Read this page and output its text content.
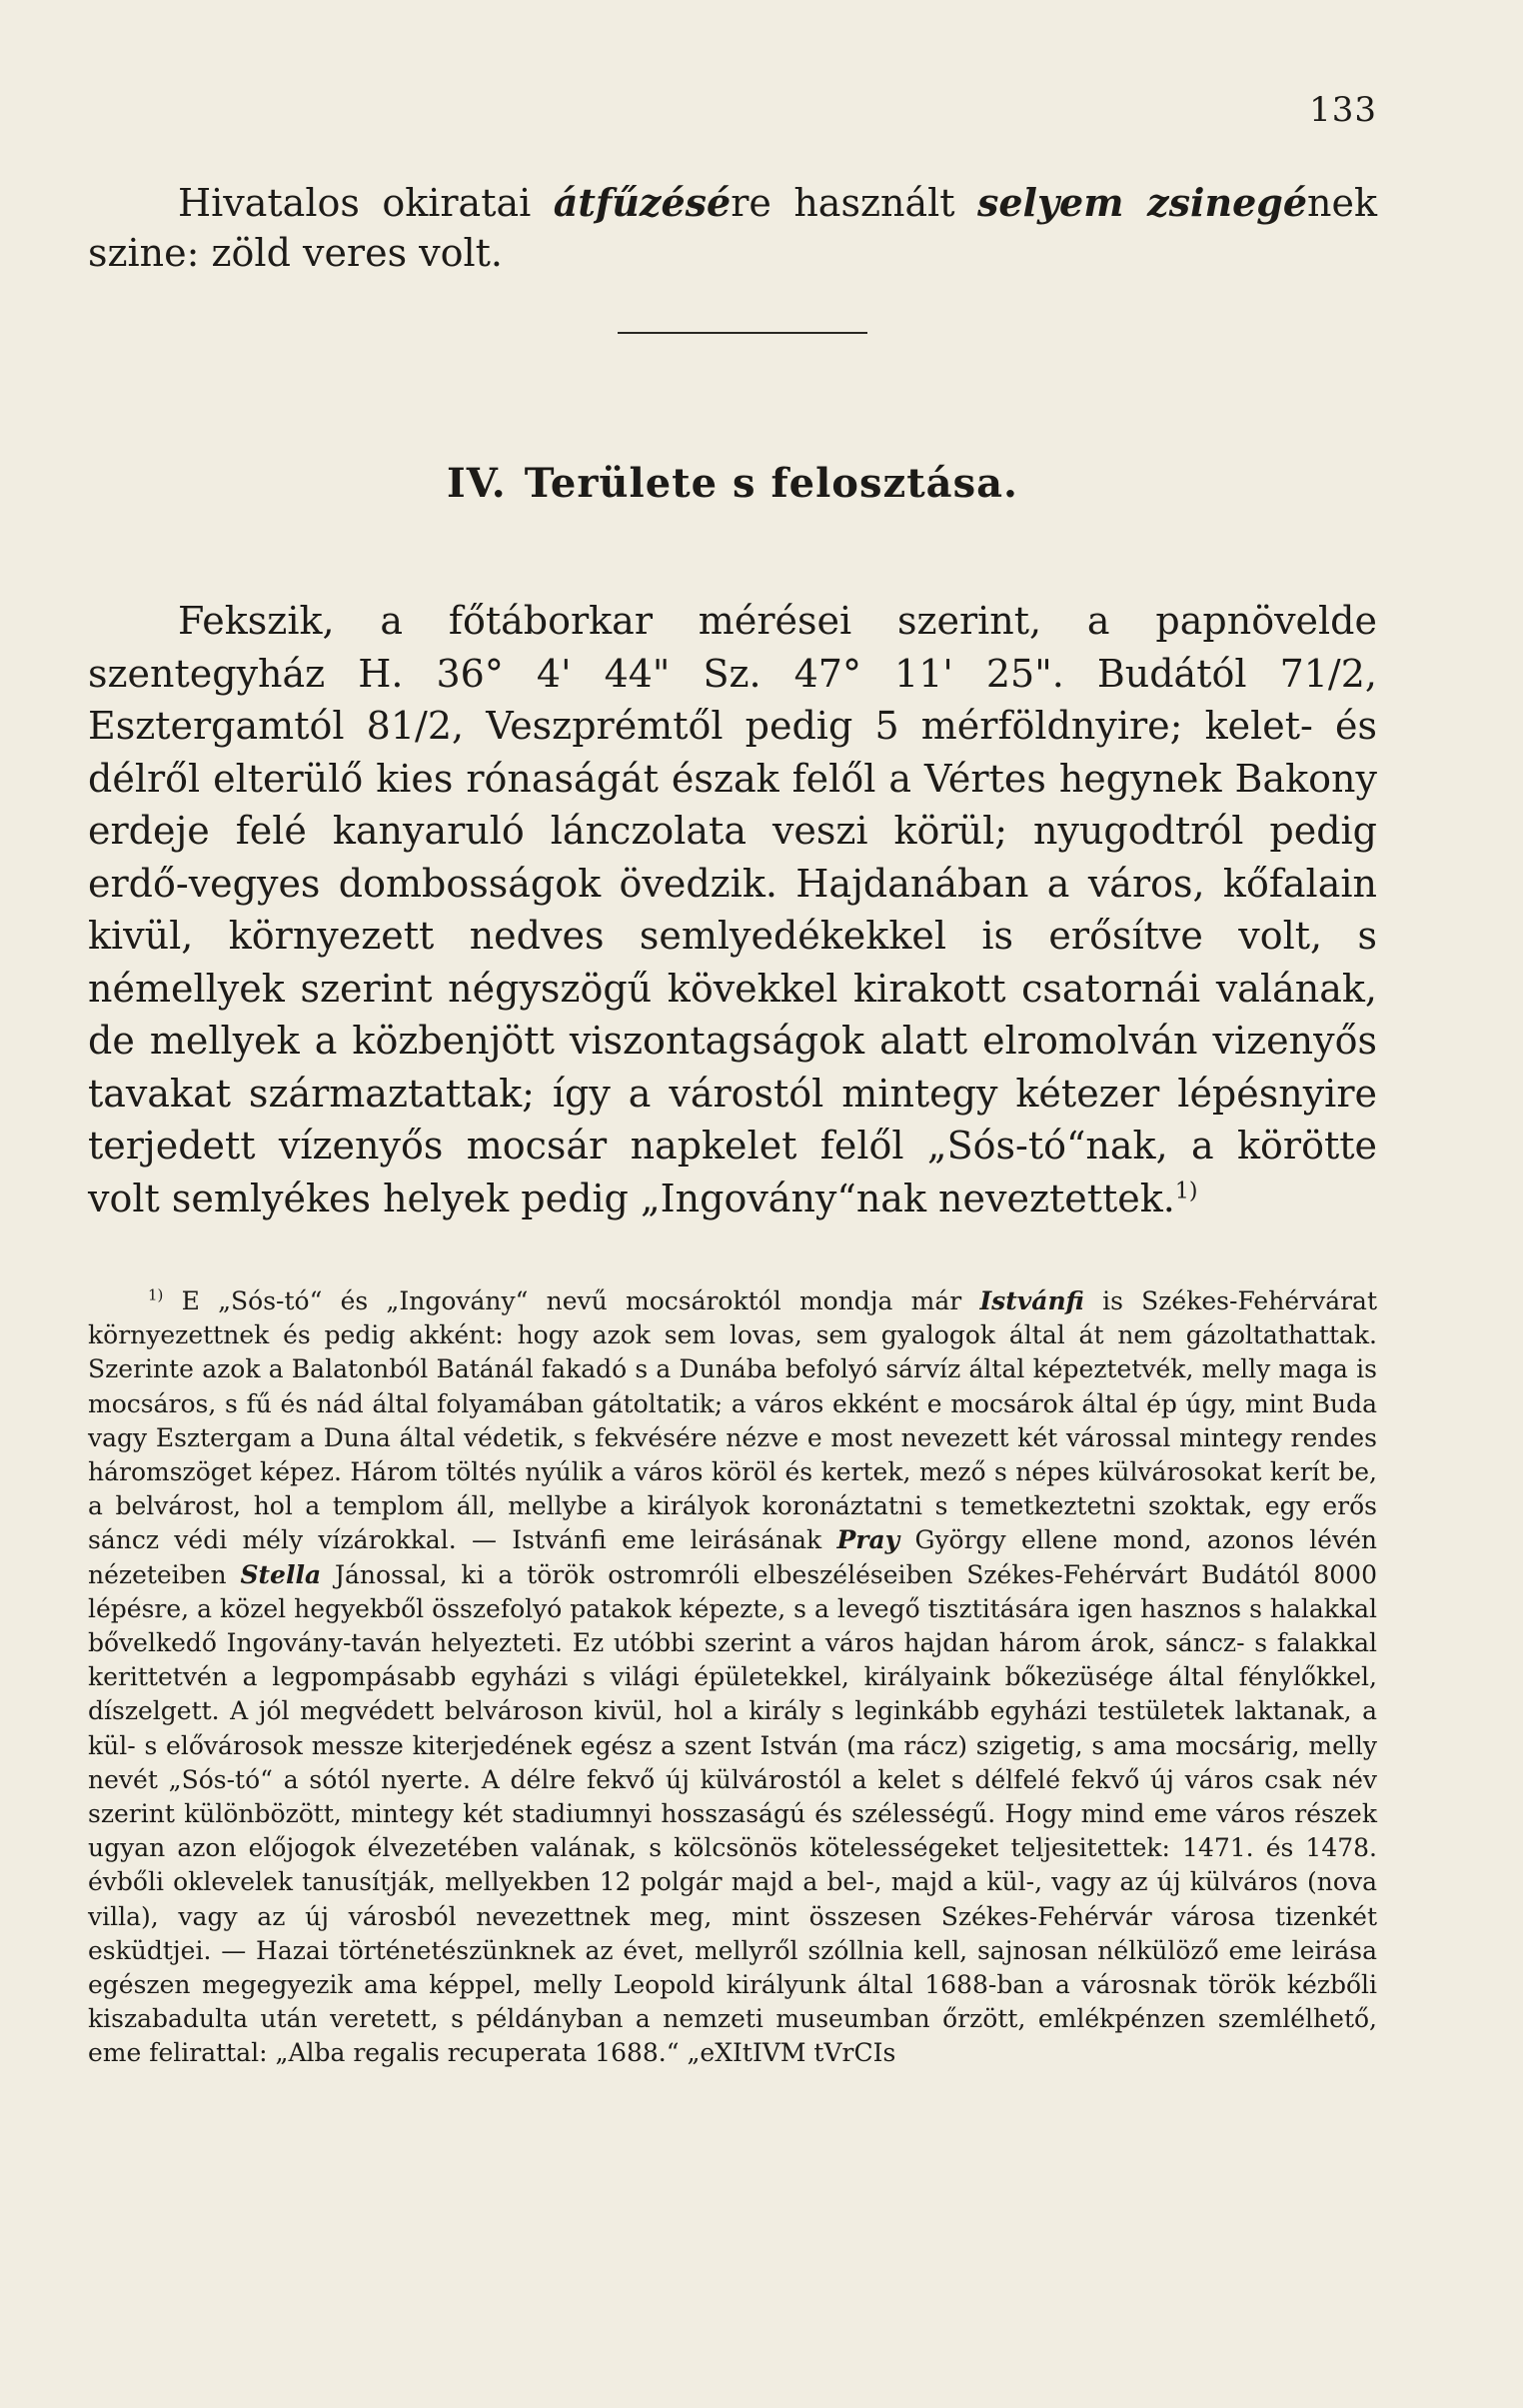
133

Hivatalos okiratai átfűzésére használt selyem zsinegének szine: zöld veres volt.

IV. Területe s felosztása.

Fekszik, a főtáborkar mérései szerint, a papnövelde szentegyház H. 36° 4' 44" Sz. 47° 11' 25". Budától 71/2, Esztergamtól 81/2, Veszprémtől pedig 5 mérföldnyire; kelet- és délről elterülő kies rónaságát észak felől a Vértes hegynek Bakony erdeje felé kanyaruló lánczolata veszi körül; nyugodtról pedig erdő-vegyes dombosságok övedzik. Hajdanában a város, kőfalain kivül, környezett nedves semlyedékekkel is erősítve volt, s némellyek szerint négyszögű kövekkel kirakott csatornái valának, de mellyek a közbenjött viszontagságok alatt elromolván vizenyős tavakat származtattak; így a várostól mintegy kétezer lépésnyire terjedett vízenyős mocsár napkelet felől „Sós-tó“nak, a körötte volt semlyékes helyek pedig „Ingovány“nak neveztettek.$^{1)}$

$^{1)}$ E „Sós-tó“ és „Ingovány“ nevű mocsároktól mondja már Istvánfi is Székes-Fehérvárat környezettnek és pedig akként: hogy azok sem lovas, sem gyalogok által át nem gázoltathattak. Szerinte azok a Balatonból Batánál fakadó s a Dunába befolyó sárvíz által képeztetvék, melly maga is mocsáros, s fű és nád által folyamában gátoltatik; a város ekként e mocsárok által ép úgy, mint Buda vagy Esztergam a Duna által védetik, s fekvésére nézve e most nevezett két várossal mintegy rendes háromszöget képez. Három töltés nyúlik a város köröl és kertek, mező s népes külvárosokat kerít be, a belvárost, hol a templom áll, mellybe a királyok koronáztatni s temetkeztetni szoktak, egy erős sáncz védi mély vízárokkal. — Istvánfi eme leirásának Pray György ellene mond, azonos lévén nézeteiben Stella Jánossal, ki a török ostromróli elbeszéléseiben Székes-Fehérvárt Budától 8000 lépésre, a közel hegyekből összefolyó patakok képezte, s a levegő tisztitására igen hasznos s halakkal bővelkedő Ingovány-taván helyezteti. Ez utóbbi szerint a város hajdan három árok, sáncz- s falakkal kerittetvén a legpompásabb egyházi s világi épületekkel, királyaink bőkezüsége által fénylőkkel, díszelgett. A jól megvédett belvároson kivül, hol a király s leginkább egyházi testületek laktanak, a kül- s elővárosok messze kiterjedének egész a szent István (ma rácz) szigetig, s ama mocsárig, melly nevét „Sós-tó“ a sótól nyerte. A délre fekvő új külvárostól a kelet s délfelé fekvő új város csak név szerint különbözött, mintegy két stadiumnyi hosszaságú és szélességű. Hogy mind eme város részek ugyan azon előjogok élvezetében valának, s kölcsönös kötelességeket teljesitettek: 1471. és 1478. évbőli oklevelek tanusítják, mellyekben 12 polgár majd a bel-, majd a kül-, vagy az új külváros (nova villa), vagy az új városból nevezettnek meg, mint összesen Székes-Fehérvár városa tizenkét esküdtjei. — Hazai történetészünknek az évet, mellyről szóllnia kell, sajnosan nélkülöző eme leirása egészen megegyezik ama képpel, melly Leopold királyunk által 1688-ban a városnak török kézbőli kiszabadulta után veretett, s példányban a nemzeti museumban őrzött, emlékpénzen szemlélhető, eme felirattal: „Alba regalis recuperata 1688.“ „eXItIVM tVrCIs
